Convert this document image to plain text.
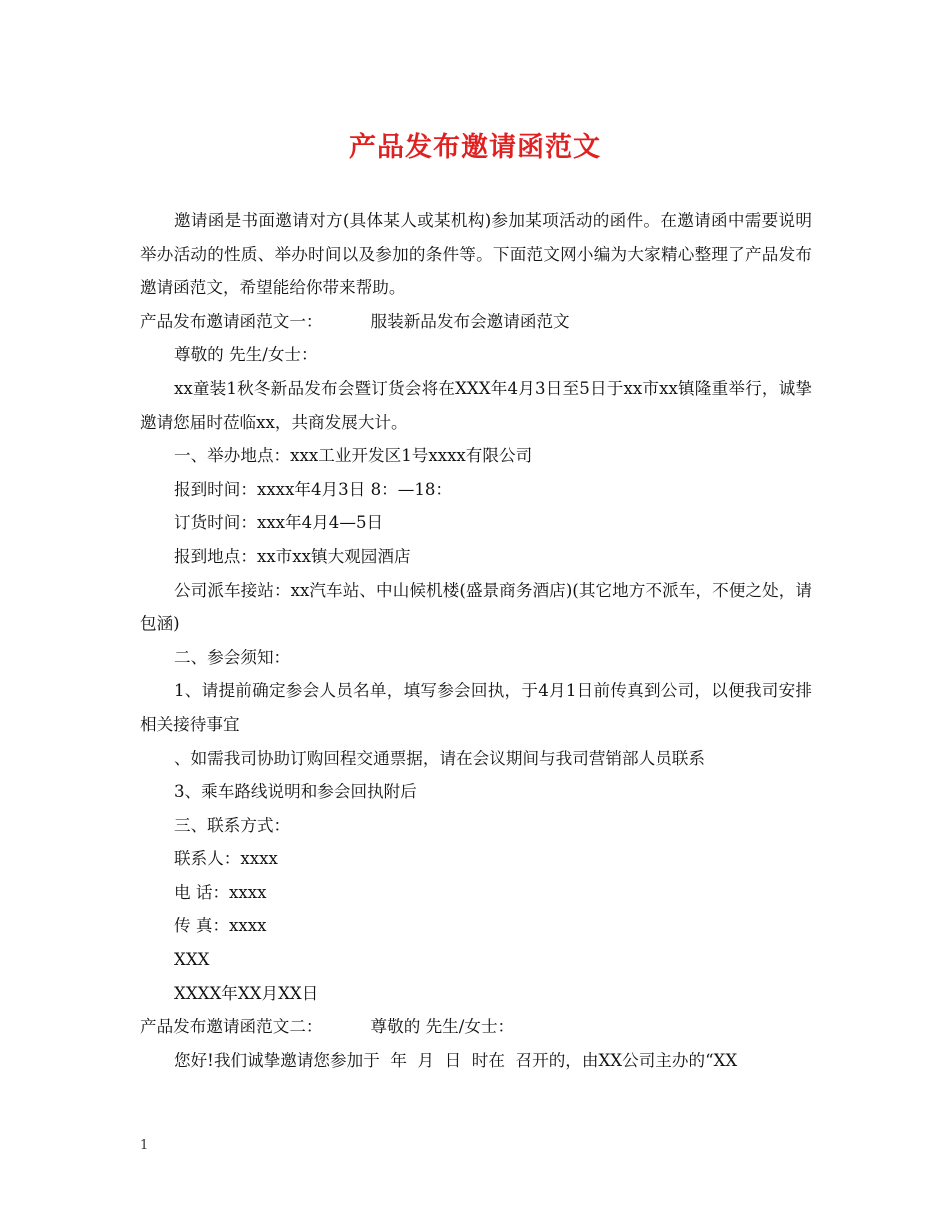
产品发布邀请函范文

邀请函是书面邀请对方(具体某人或某机构)参加某项活动的函件。在邀请函中需要说明举办活动的性质、举办时间以及参加的条件等。下面范文网小编为大家精心整理了产品发布邀请函范文，希望能给你带来帮助。

产品发布邀请函范文一：	服装新品发布会邀请函范文

尊敬的 先生/女士：

xx童装1秋冬新品发布会暨订货会将在XXX年4月3日至5日于xx市xx镇隆重举行，诚挚邀请您届时莅临xx，共商发展大计。

一、举办地点：xxx工业开发区1号xxxx有限公司

报到时间：xxxx年4月3日 8：—18：

订货时间：xxx年4月4—5日

报到地点：xx市xx镇大观园酒店

公司派车接站：xx汽车站、中山候机楼(盛景商务酒店)(其它地方不派车，不便之处，请包涵)

二、参会须知：

1、请提前确定参会人员名单，填写参会回执，于4月1日前传真到公司，以便我司安排相关接待事宜

、如需我司协助订购回程交通票据，请在会议期间与我司营销部人员联系

3、乘车路线说明和参会回执附后

三、联系方式：

联系人：xxxx

电 话：xxxx

传 真：xxxx

XXX

XXXX年XX月XX日

产品发布邀请函范文二：	尊敬的 先生/女士：

您好!我们诚挚邀请您参加于  年  月  日  时在  召开的，由XX公司主办的“XX

1
